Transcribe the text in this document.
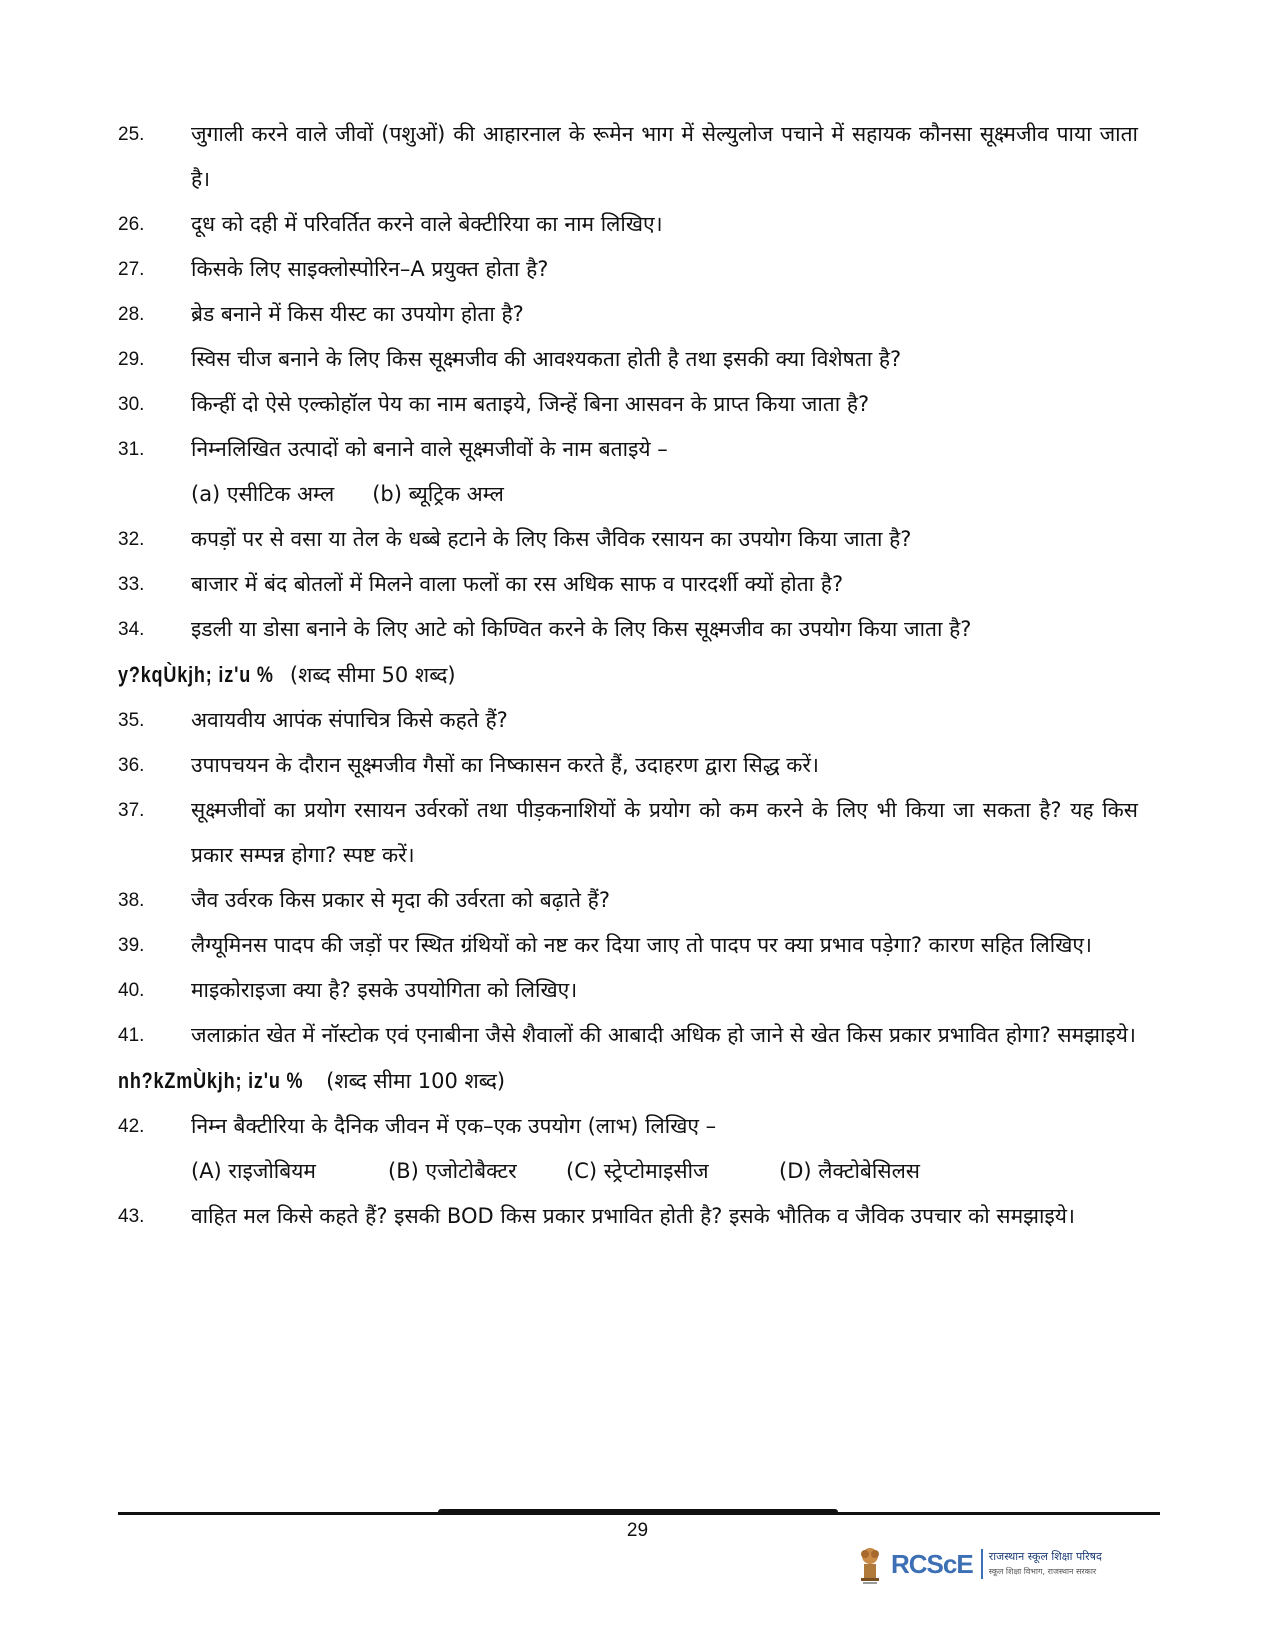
25.	जुगाली करने वाले जीवों (पशुओं) की आहारनाल के रूमेन भाग में सेल्युलोज पचाने में सहायक कौनसा सूक्ष्मजीव पाया जाता है।
26.	दूध को दही में परिवर्तित करने वाले बेक्टीरिया का नाम लिखिए।
27.	किसके लिए साइक्लोस्पोरिन–A प्रयुक्त होता है?
28.	ब्रेड बनाने में किस यीस्ट का उपयोग होता है?
29.	स्विस चीज बनाने के लिए किस सूक्ष्मजीव की आवश्यकता होती है तथा इसकी क्या विशेषता है?
30.	किन्हीं दो ऐसे एल्कोहॉल पेय का नाम बताइये, जिन्हें बिना आसवन के प्राप्त किया जाता है?
31.	निम्नलिखित उत्पादों को बनाने वाले सूक्ष्मजीवों के नाम बताइये –
(a) एसीटिक अम्ल (b) ब्यूट्रिक अम्ल
32.	कपड़ों पर से वसा या तेल के धब्बे हटाने के लिए किस जैविक रसायन का उपयोग किया जाता है?
33.	बाजार में बंद बोतलों में मिलने वाला फलों का रस अधिक साफ व पारदर्शी क्यों होता है?
34.	इडली या डोसा बनाने के लिए आटे को किण्वित करने के लिए किस सूक्ष्मजीव का उपयोग किया जाता है?
y?kqÙkjh; iz'u % (शब्द सीमा 50 शब्द)
35.	अवायवीय आपंक संपाचित्र किसे कहते हैं?
36.	उपापचयन के दौरान सूक्ष्मजीव गैसों का निष्कासन करते हैं, उदाहरण द्वारा सिद्ध करें।
37.	सूक्ष्मजीवों का प्रयोग रसायन उर्वरकों तथा पीड़कनाशियों के प्रयोग को कम करने के लिए भी किया जा सकता है? यह किस प्रकार सम्पन्न होगा? स्पष्ट करें।
38.	जैव उर्वरक किस प्रकार से मृदा की उर्वरता को बढ़ाते हैं?
39.	लैग्यूमिनस पादप की जड़ों पर स्थित ग्रंथियों को नष्ट कर दिया जाए तो पादप पर क्या प्रभाव पड़ेगा? कारण सहित लिखिए।
40.	माइकोराइजा क्या है? इसके उपयोगिता को लिखिए।
41.	जलाक्रांत खेत में नॉस्टोक एवं एनाबीना जैसे शैवालों की आबादी अधिक हो जाने से खेत किस प्रकार प्रभावित होगा? समझाइये।
nh?kZmÙkjh; iz'u % (शब्द सीमा 100 शब्द)
42.	निम्न बैक्टीरिया के दैनिक जीवन में एक–एक उपयोग (लाभ) लिखिए –
(A) राइजोबियम	(B) एजोटोबैक्टर	(C) स्ट्रेप्टोमाइसीज	(D) लैक्टोबेसिलस
43.	वाहित मल किसे कहते हैं? इसकी BOD किस प्रकार प्रभावित होती है? इसके भौतिक व जैविक उपचार को समझाइये।
29
RCScE राजस्थान स्कूल शिक्षा परिषद
स्कूल शिक्षा विभाग, राजस्थान सरकार
